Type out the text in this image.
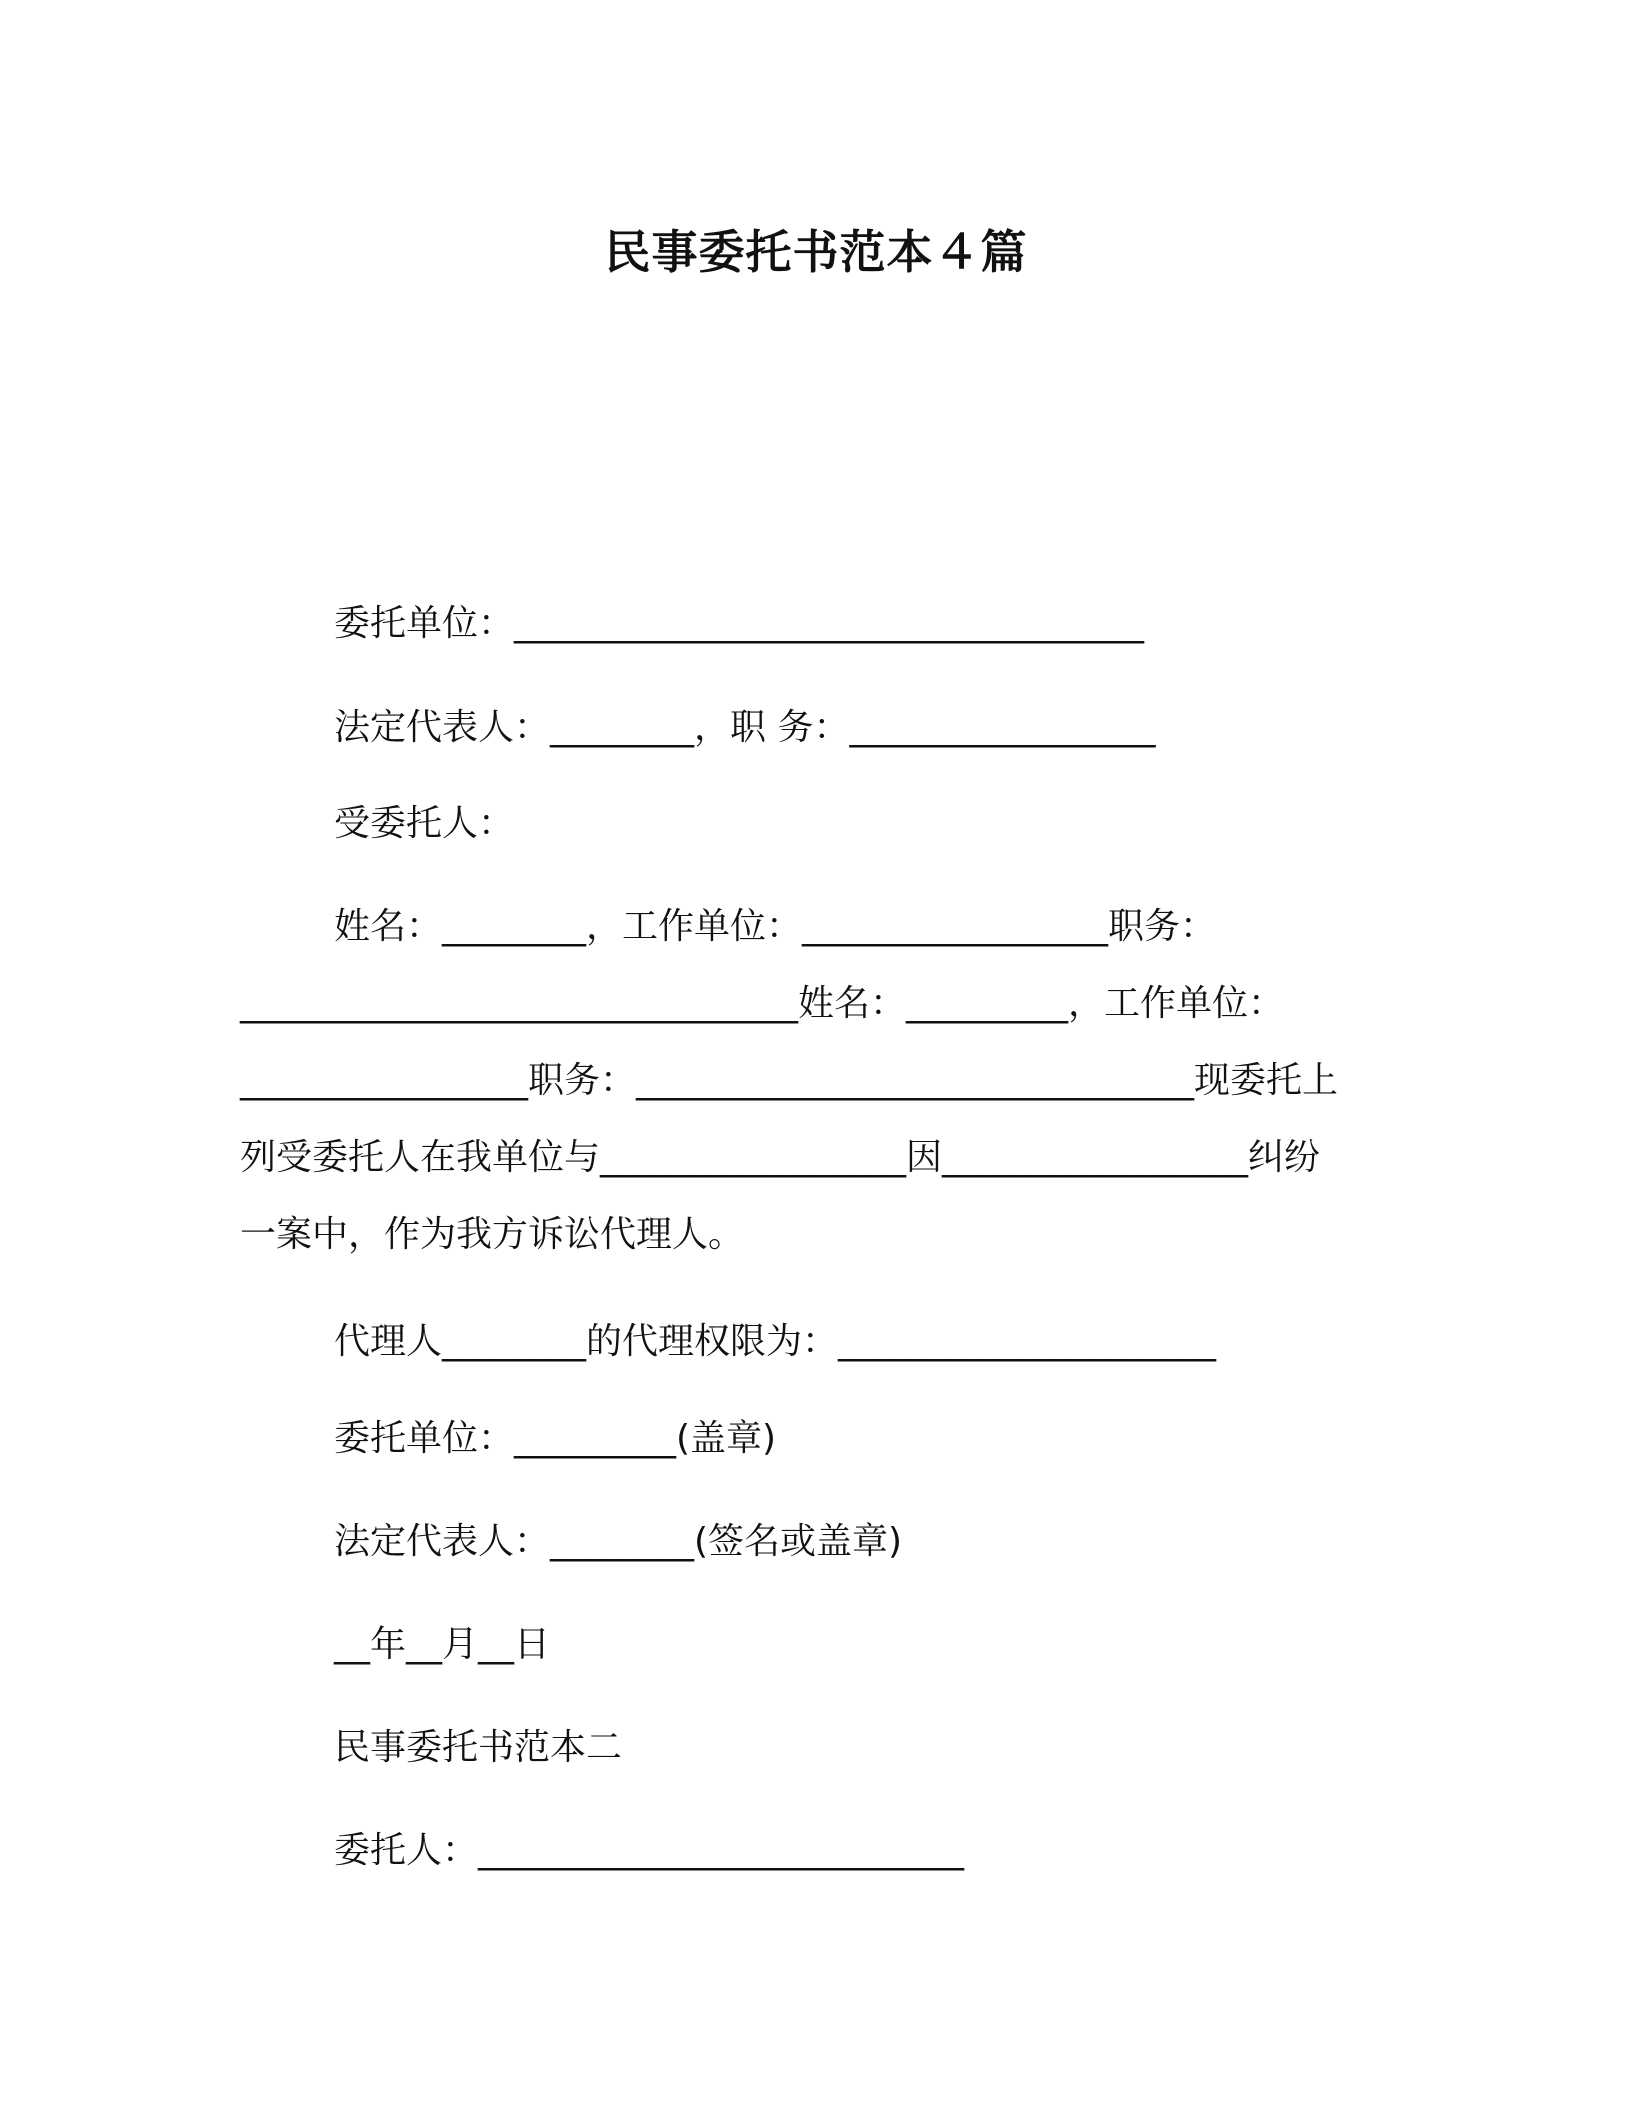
民事委托书范本４篇
委托单位：___________________________________
法定代表人：________，职 务：_________________
受委托人：
姓名：________，工作单位：_________________职务：
_______________________________姓名：_________，工作单位：
________________职务：_______________________________现委托上
列受委托人在我单位与_________________因_________________纠纷
一案中，作为我方诉讼代理人。
代理人________的代理权限为：_____________________
委托单位：_________(盖章)
法定代表人：________(签名或盖章)
__年__月__日
民事委托书范本二
委托人：___________________________
